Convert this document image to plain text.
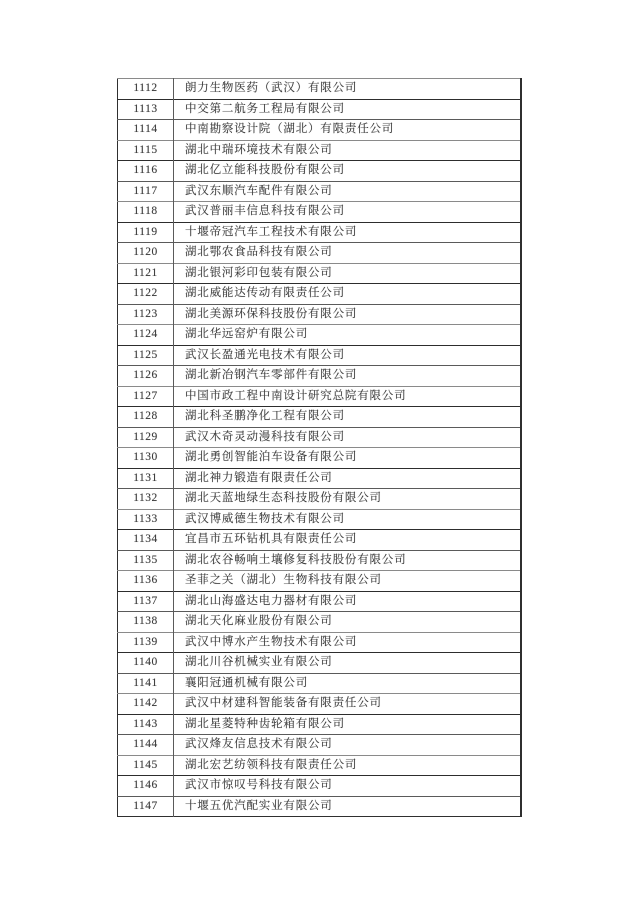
1112	朗力生物医药（武汉）有限公司
1113	中交第二航务工程局有限公司
1114	中南勘察设计院（湖北）有限责任公司
1115	湖北中瑞环境技术有限公司
1116	湖北亿立能科技股份有限公司
1117	武汉东顺汽车配件有限公司
1118	武汉普丽丰信息科技有限公司
1119	十堰帝冠汽车工程技术有限公司
1120	湖北鄂农食品科技有限公司
1121	湖北银河彩印包装有限公司
1122	湖北威能达传动有限责任公司
1123	湖北美源环保科技股份有限公司
1124	湖北华远窑炉有限公司
1125	武汉长盈通光电技术有限公司
1126	湖北新冶钢汽车零部件有限公司
1127	中国市政工程中南设计研究总院有限公司
1128	湖北科圣鹏净化工程有限公司
1129	武汉木奇灵动漫科技有限公司
1130	湖北勇创智能泊车设备有限公司
1131	湖北神力锻造有限责任公司
1132	湖北天蓝地绿生态科技股份有限公司
1133	武汉博威德生物技术有限公司
1134	宜昌市五环钻机具有限责任公司
1135	湖北农谷畅响土壤修复科技股份有限公司
1136	圣菲之关（湖北）生物科技有限公司
1137	湖北山海盛达电力器材有限公司
1138	湖北天化麻业股份有限公司
1139	武汉中博水产生物技术有限公司
1140	湖北川谷机械实业有限公司
1141	襄阳冠通机械有限公司
1142	武汉中材建科智能装备有限责任公司
1143	湖北星菱特种齿轮箱有限公司
1144	武汉烽友信息技术有限公司
1145	湖北宏艺纺领科技有限责任公司
1146	武汉市惊叹号科技有限公司
1147	十堰五优汽配实业有限公司
